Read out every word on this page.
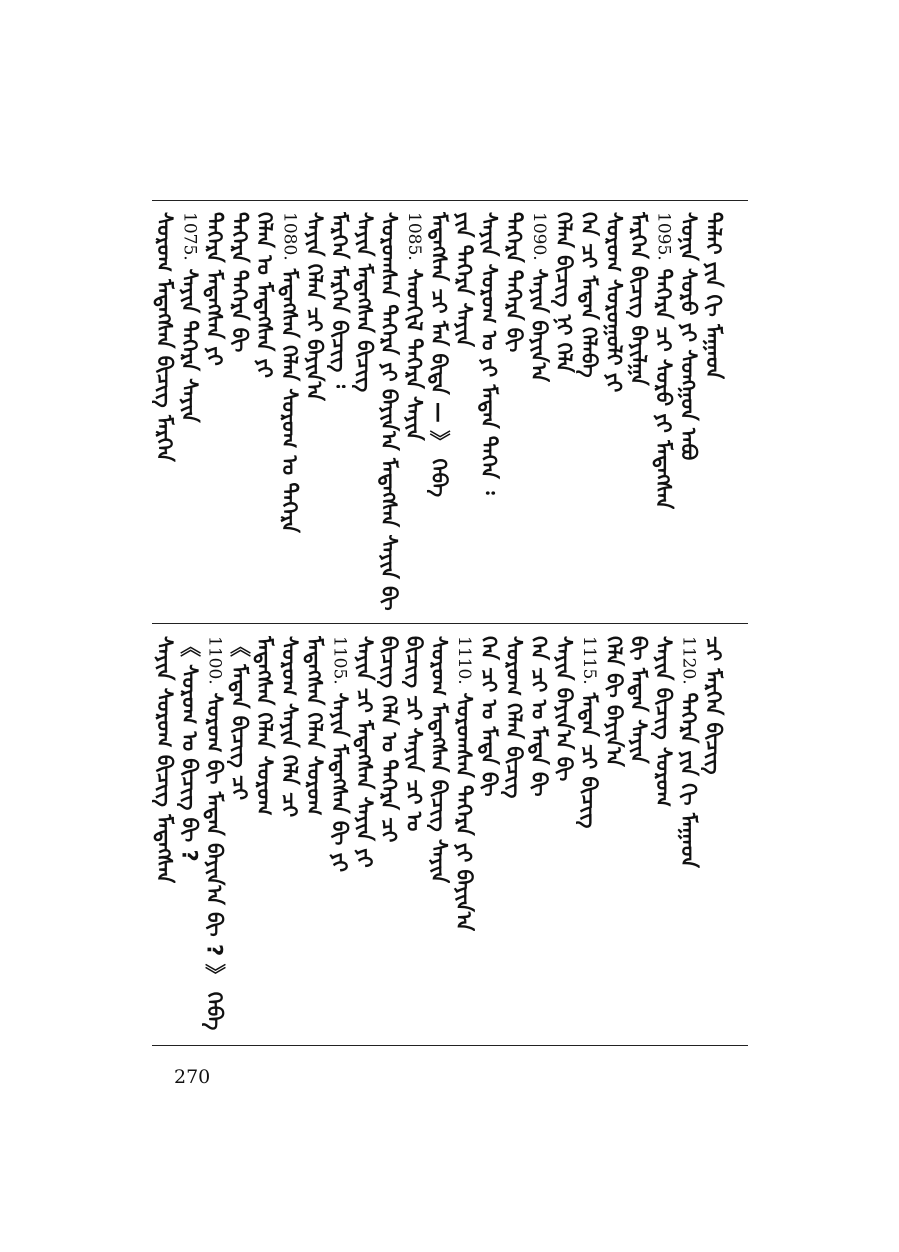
ᠳᠠᠯᠠᠢ ᠶᠢᠨ ᠬᠢ ᠮᠠᠭᠠᠳ
ᠰᠤᠨᠢᠨ ᠰᠤᠷᠤ ᠶᠢ ᠰᠣᠩᠭᠣᠨ ᠠᠪᠤ
1095.ᠳᠡᠭᠡᠷᠡ ᠴᠢ ᠰᠤᠷᠤ ᠶᠢ ᠮᠡᠳᠡᠭᠰᠡᠨ
ᠮᠡᠷᠭᠡᠨ ᠪᠢᠴᠢᠭ ᠪᠠᠶᠢᠯᠭᠠ
ᠰᠤᠷᠤᠭ ᠰᠤᠷᠤᠭᠤᠯᠢ ᠶᠢ
ᠬᠡᠨ ᠴᠢ ᠮᠡᠳᠡᠨ ᠬᠡᠯᠡᠪᠡ
ᠬᠡᠯᠡᠨ ᠪᠢᠴᠢᠭ ᠨᠢ ᠬᠡᠯᠡ
1090.ᠰᠠᠶᠢᠨ ᠪᠠᠶᠢᠨ᠎ᠠ
ᠳᠡᠭᠡᠷᠡ ᠳᠡᠭᠡᠷᠡ ᠪᠢ
ᠰᠠᠶᠢᠨ ᠰᠤᠷᠤᠭ ᠤ ᠶᠢ ᠮᠡᠳᠡᠨ ᠲᠡᠭᠡᠨ ᠄
ᠶᠢᠨ ᠳᠡᠭᠡᠷᠡ ᠰᠠᠶᠢᠨ
ᠮᠡᠳᠡᠭᠰᠡᠨ ᠴᠢ ᠮᠠᠨ ᠪᠢᠳᠡ — 》 ᠭᠡᠪᠡ
1085.ᠰᠡᠳᠬᠢᠯ ᠳᠡᠭᠡᠷᠡ ᠰᠠᠶᠢᠨ
ᠰᠤᠷᠤᠭᠰᠠᠨ ᠳᠡᠭᠡᠷᠡ ᠶᠢ ᠪᠠᠶᠢᠨ᠎ᠠ ᠮᠡᠳᠡᠭᠰᠡᠨ ᠰᠠᠶᠢᠨ ᠪᠢ
ᠰᠠᠶᠢᠨ ᠮᠡᠳᠡᠭᠰᠡᠨ ᠪᠢᠴᠢᠭ
ᠮᠡᠷᠭᠡᠨ ᠮᠡᠷᠭᠡᠨ ᠪᠢᠴᠢᠭ ᠄
ᠰᠠᠶᠢᠨ ᠬᠡᠯᠡᠨ ᠴᠢ ᠪᠠᠶᠢᠨ᠎ᠠ
1080.ᠮᠡᠳᠡᠭᠰᠡᠨ ᠬᠡᠯᠡᠨ ᠰᠤᠷᠤᠭ ᠤ ᠳᠡᠭᠡᠷᠡ
ᠬᠡᠯᠡᠨ ᠤ ᠮᠡᠳᠡᠭᠰᠡᠨ ᠶᠢ
ᠳᠡᠭᠡᠷᠡ ᠳᠡᠭᠡᠷᠡ ᠪᠢ
ᠳᠡᠭᠡᠷᠡ ᠮᠡᠳᠡᠭᠰᠡᠨ ᠶᠢ
1075.ᠰᠠᠶᠢᠨ ᠳᠡᠭᠡᠷᠡ ᠰᠠᠶᠢᠨ
ᠰᠤᠷᠤᠭ ᠮᠡᠳᠡᠭᠰᠡᠨ ᠪᠢᠴᠢᠭ ᠮᠡᠷᠭᠡᠨ
ᠴᠢ ᠮᠡᠷᠭᠡᠨ ᠪᠢᠴᠢᠭ
1120.ᠳᠡᠭᠡᠷᠡ ᠶᠢᠨ ᠬᠢ ᠮᠠᠭᠠᠳ
ᠰᠠᠶᠢᠨ ᠪᠢᠴᠢᠭ ᠰᠤᠷᠤᠭ
ᠪᠢ ᠮᠡᠳᠡᠨ ᠰᠠᠶᠢᠨ
ᠬᠡᠯᠡ ᠪᠢ ᠪᠠᠶᠢᠨ᠎ᠠ
1115.ᠮᠡᠳᠡᠨ ᠴᠢ ᠪᠢᠴᠢᠭ
ᠰᠠᠶᠢᠨ ᠪᠠᠶᠢᠨ᠎ᠠ ᠪᠢ
ᠬᠡᠨ ᠴᠢ ᠤ ᠮᠡᠳᠡ ᠪᠢ
ᠰᠤᠷᠤᠭ ᠬᠡᠯᠡᠨ ᠪᠢᠴᠢᠭ
ᠬᠡᠨ ᠴᠢ ᠤ ᠮᠡᠳᠡ ᠪᠢ
1110.ᠰᠤᠷᠤᠭᠰᠠᠨ ᠳᠡᠭᠡᠷᠡ ᠶᠢ ᠪᠠᠶᠢᠨ᠎ᠠ
ᠰᠤᠷᠤᠭ ᠮᠡᠳᠡᠭᠰᠡᠨ ᠪᠢᠴᠢᠭ ᠰᠠᠶᠢᠨ
ᠪᠢᠴᠢᠭ ᠴᠢ ᠰᠠᠶᠢᠨ ᠴᠢ ᠤ
ᠪᠢᠴᠢᠭ ᠬᠡᠯᠡ ᠤ ᠳᠡᠭᠡᠷᠡ ᠴᠢ
ᠰᠠᠶᠢᠨ ᠴᠢ ᠮᠡᠳᠡᠭᠰᠡᠨ ᠰᠠᠶᠢᠨ ᠶᠢ
1105.ᠰᠠᠶᠢᠨ ᠮᠡᠳᠡᠭᠰᠡᠨ ᠪᠢ ᠶᠢ
ᠮᠡᠳᠡᠭᠰᠡᠨ ᠬᠡᠯᠡᠨ ᠰᠤᠷᠤᠭ
ᠰᠤᠷᠤᠭ ᠰᠠᠶᠢᠨ ᠬᠡᠯᠡ ᠴᠢ
ᠮᠡᠳᠡᠭᠰᠡᠨ ᠬᠡᠯᠡᠨ ᠰᠤᠷᠤᠭ
《 ᠮᠡᠳᠡᠨ ᠪᠢᠴᠢᠭ ᠴᠢ
1100.ᠰᠤᠷᠤᠭ ᠪᠢ ᠮᠡᠳᠡᠨ ᠪᠠᠶᠢᠨ᠎ᠠ ᠪᠢ ? 》 ᠭᠡᠪᠡ
《 ᠰᠤᠷᠤᠭ ᠤ ᠪᠢᠴᠢᠭ ᠪᠢ ?
ᠰᠠᠶᠢᠨ ᠰᠤᠷᠤᠭ ᠪᠢᠴᠢᠭ ᠮᠡᠳᠡᠭᠰᠡᠨ
270
